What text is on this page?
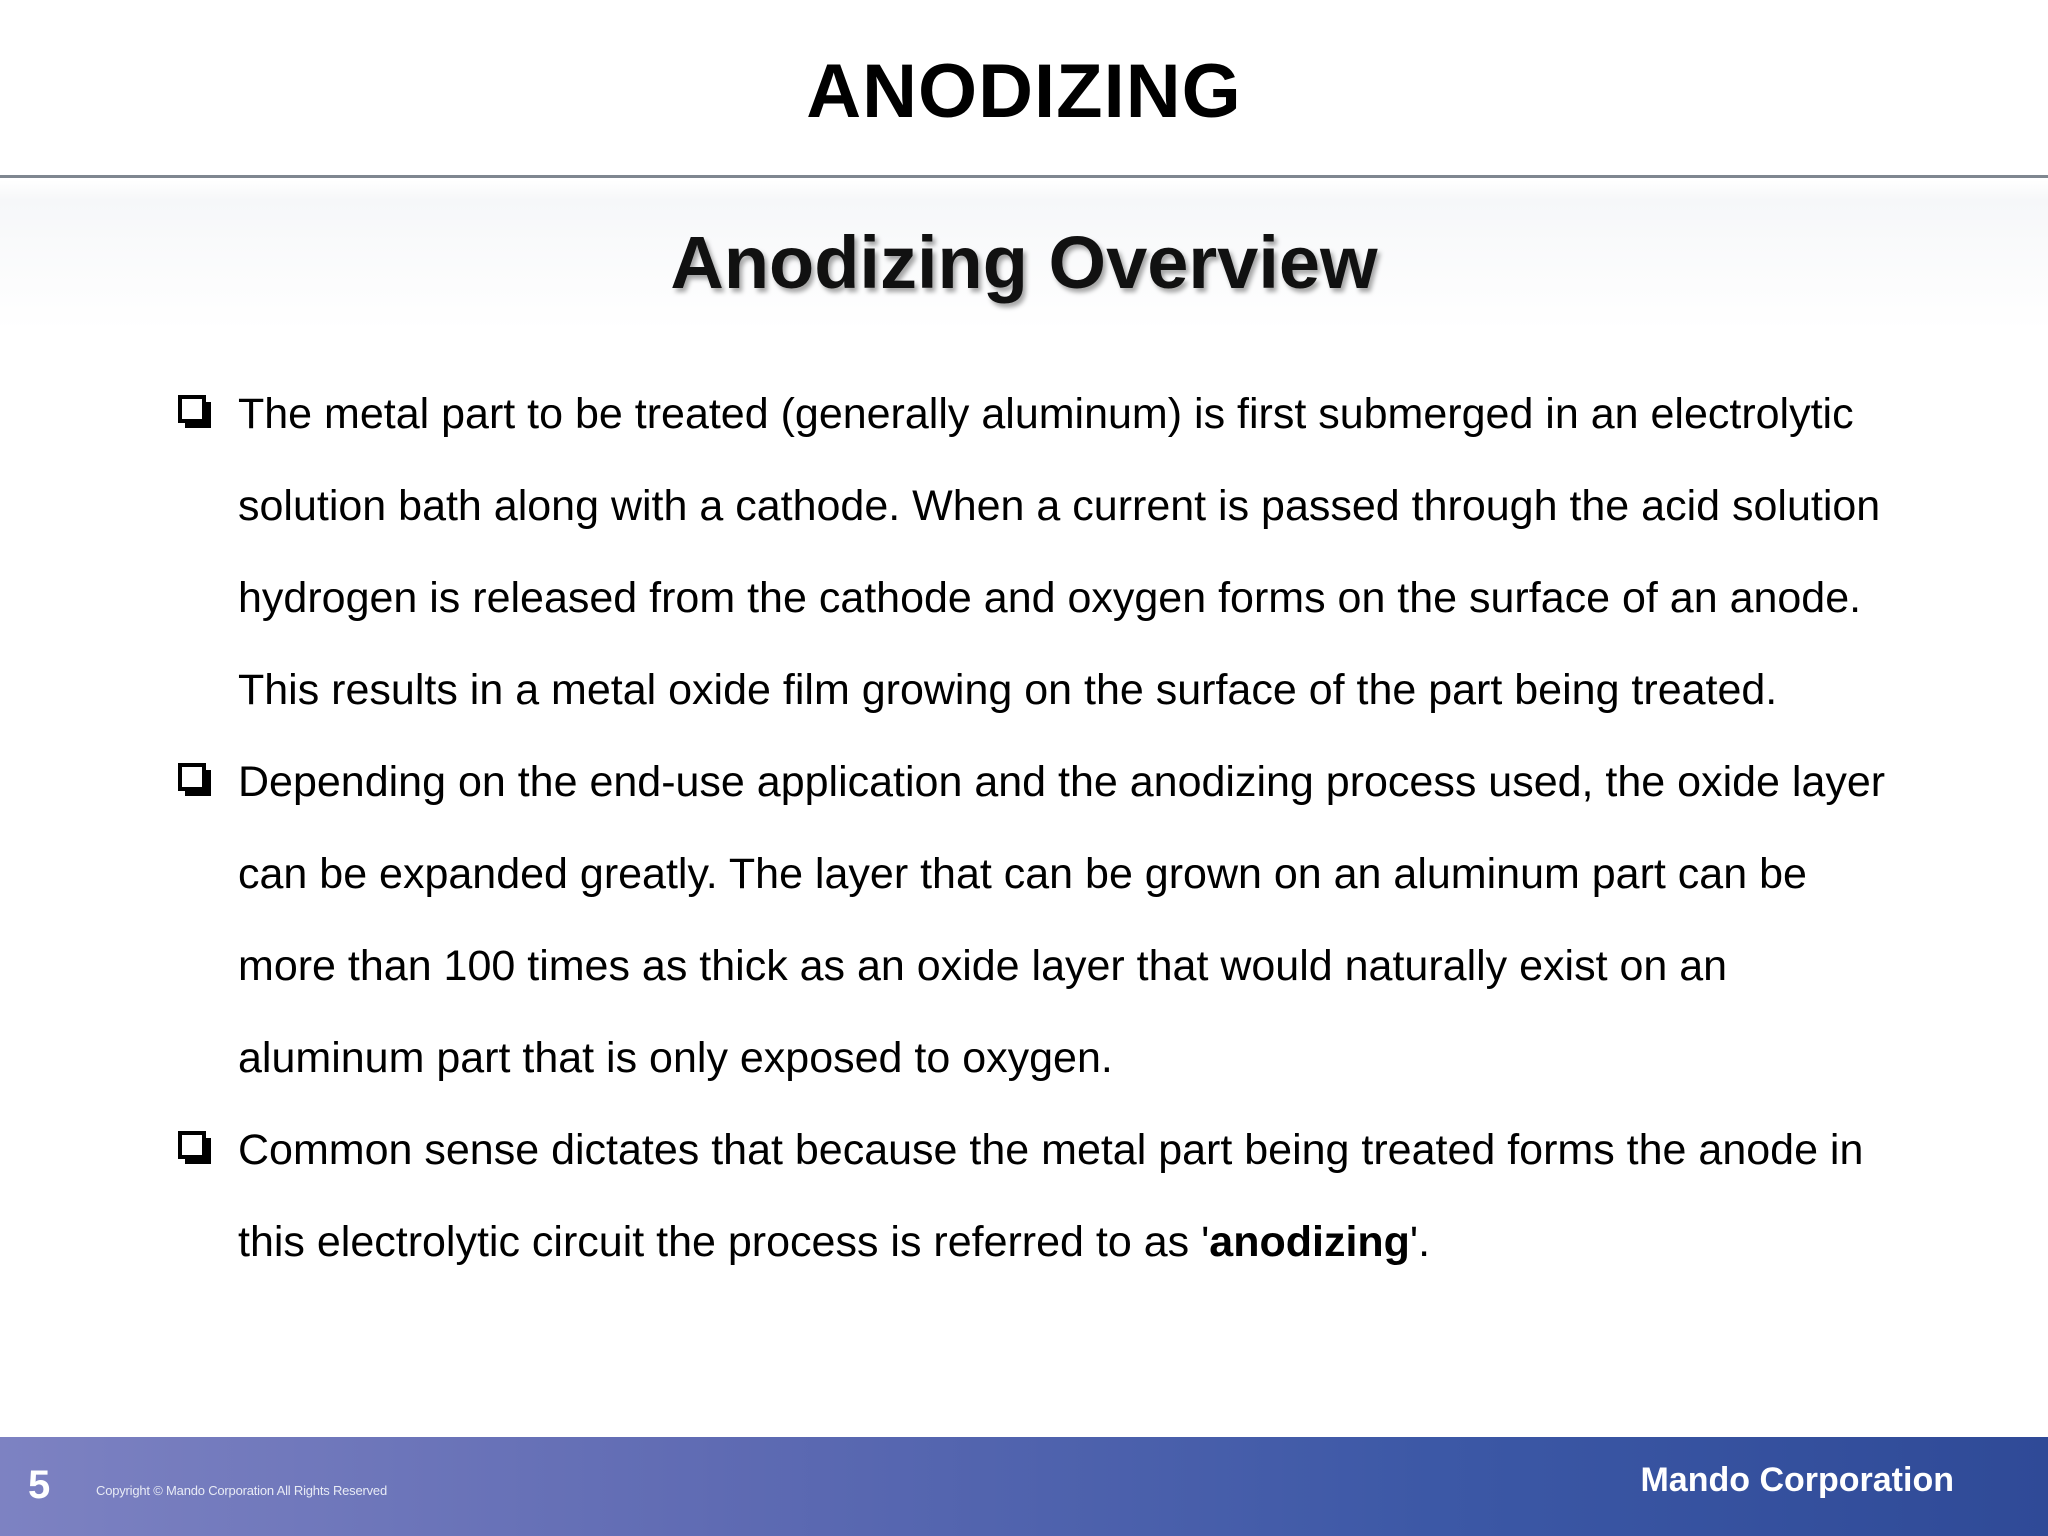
ANODIZING
Anodizing Overview
The metal part to be treated (generally aluminum) is first submerged in an electrolytic solution bath along with a cathode. When a current is passed through the acid solution hydrogen is released from the cathode and oxygen forms on the surface of an anode. This results in a metal oxide film growing on the surface of the part being treated.
Depending on the end-use application and the anodizing process used, the oxide layer can be expanded greatly. The layer that can be grown on an aluminum part can be more than 100 times as thick as an oxide layer that would naturally exist on an aluminum part that is only exposed to oxygen.
Common sense dictates that because the metal part being treated forms the anode in this electrolytic circuit the process is referred to as 'anodizing'.
5	Copyright © Mando Corporation All Rights Reserved	Mando Corporation
